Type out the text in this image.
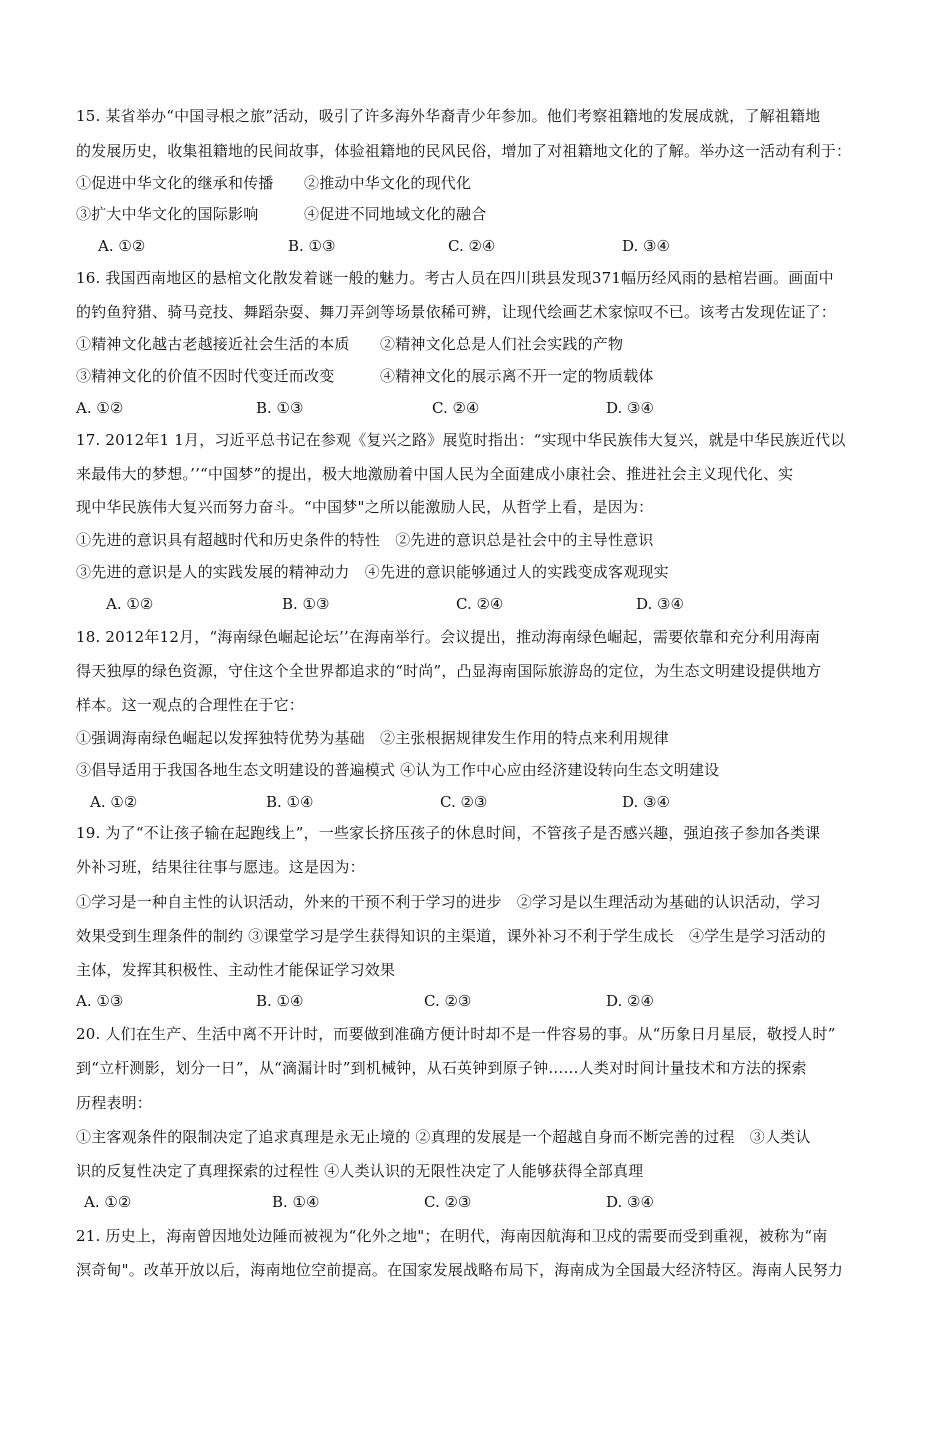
15. 某省举办“中国寻根之旅”活动，吸引了许多海外华裔青少年参加。他们考察祖籍地的发展成就，了解祖籍地
的发展历史，收集祖籍地的民间故事，体验祖籍地的民风民俗，增加了对祖籍地文化的了解。举办这一活动有利于：
①促进中华文化的继承和传播　　②推动中华文化的现代化
③扩大中华文化的国际影响　　　④促进不同地域文化的融合
A. ①②	B. ①③	C. ②④	D. ③④
16. 我国西南地区的悬棺文化散发着谜一般的魅力。考古人员在四川珙县发现371幅历经风雨的悬棺岩画。画面中
的钓鱼狩猎、骑马竞技、舞蹈杂耍、舞刀弄剑等场景依稀可辨，让现代绘画艺术家惊叹不已。该考古发现佐证了：
①精神文化越古老越接近社会生活的本质　　②精神文化总是人们社会实践的产物
③精神文化的价值不因时代变迁而改变　　　④精神文化的展示离不开一定的物质载体
A. ①②	B. ①③	C. ②④	D. ③④
17. 2012年1 1月，习近平总书记在参观《复兴之路》展览时指出：“实现中华民族伟大复兴，就是中华民族近代以
来最伟大的梦想。’’“中国梦”的提出，极大地激励着中国人民为全面建成小康社会、推进社会主义现代化、实
现中华民族伟大复兴而努力奋斗。“中国梦"之所以能激励人民，从哲学上看，是因为：
①先进的意识具有超越时代和历史条件的特性　②先进的意识总是社会中的主导性意识
③先进的意识是人的实践发展的精神动力　④先进的意识能够通过人的实践变成客观现实
A. ①②	B. ①③	C. ②④	D. ③④
18. 2012年12月，“海南绿色崛起论坛’’在海南举行。会议提出，推动海南绿色崛起，需要依靠和充分利用海南
得天独厚的绿色资源，守住这个全世界都追求的“时尚”，凸显海南国际旅游岛的定位，为生态文明建设提供地方
样本。这一观点的合理性在于它：
①强调海南绿色崛起以发挥独特优势为基础　②主张根据规律发生作用的特点来利用规律
③倡导适用于我国各地生态文明建设的普遍模式 ④认为工作中心应由经济建设转向生态文明建设
A. ①②	B. ①④	C. ②③	D. ③④
19. 为了“不让孩子输在起跑线上”，一些家长挤压孩子的休息时间，不管孩子是否感兴趣，强迫孩子参加各类课
外补习班，结果往往事与愿违。这是因为：
①学习是一种自主性的认识活动，外来的干预不利于学习的进步　②学习是以生理活动为基础的认识活动，学习
效果受到生理条件的制约 ③课堂学习是学生获得知识的主渠道，课外补习不利于学生成长　④学生是学习活动的
主体，发挥其积极性、主动性才能保证学习效果
A. ①③	B. ①④	C. ②③	D. ②④
20. 人们在生产、生活中离不开计时，而要做到准确方便计时却不是一件容易的事。从“历象日月星辰，敬授人时”
到“立杆测影，划分一日”，从“滴漏计时”到机械钟，从石英钟到原子钟……人类对时间计量技术和方法的探索
历程表明：
①主客观条件的限制决定了追求真理是永无止境的 ②真理的发展是一个超越自身而不断完善的过程　③人类认
识的反复性决定了真理探索的过程性 ④人类认识的无限性决定了人能够获得全部真理
A. ①②	B. ①④	C. ②③	D. ③④
21. 历史上，海南曾因地处边陲而被视为“化外之地"；在明代，海南因航海和卫戍的需要而受到重视，被称为“南
溟奇甸"。改革开放以后，海南地位空前提高。在国家发展战略布局下，海南成为全国最大经济特区。海南人民努力
